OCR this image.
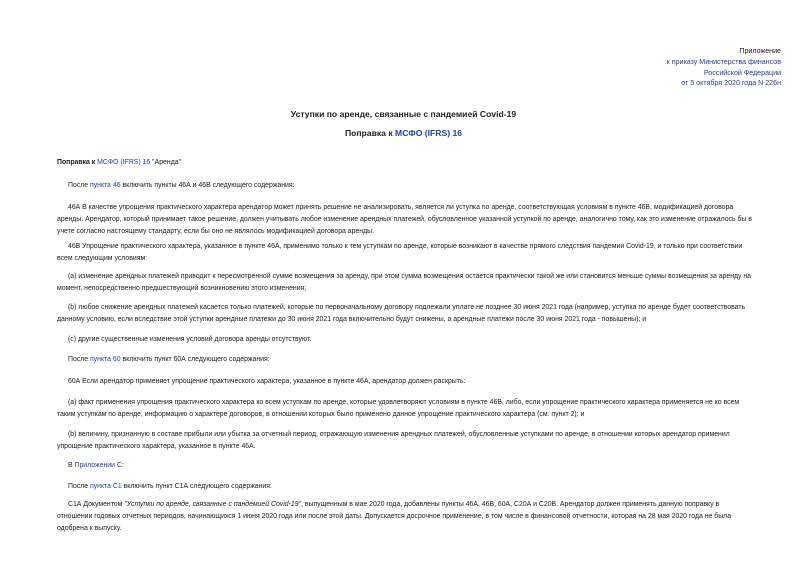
Приложение
к приказу Министерства финансов
Российской Федерации
от 5 октября 2020 года N 226н
Уступки по аренде, связанные с пандемией Covid-19
Поправка к МСФО (IFRS) 16
Поправка к МСФО (IFRS) 16 "Аренда"
После пункта 46 включить пункты 46А и 46В следующего содержания:
46А В качестве упрощения практического характера арендатор может принять решение не анализировать, является ли уступка по аренде, соответствующая условиям в пункте 46В, модификацией договора
аренды. Арендатор, который принимает такое решение, должен учитывать любое изменение арендных платежей, обусловленное указанной уступкой по аренде, аналогично тому, как это изменение отражалось бы в
учете согласно настоящему стандарту, если бы оно не являлось модификацией договора аренды.
46В Упрощение практического характера, указанное в пункте 46А, применимо только к тем уступкам по аренде, которые возникают в качестве прямого следствия пандемии Covid-19, и только при соответствии
всем следующим условиям:
(a) изменение арендных платежей приводит к пересмотренной сумме возмещения за аренду, при этом сумма возмещения остается практически такой же или становится меньше суммы возмещения за аренду на
момент, непосредственно предшествующий возникновению этого изменения;
(b) любое снижение арендных платежей касается только платежей, которые по первоначальному договору подлежали уплате не позднее 30 июня 2021 года (например, уступка по аренде будет соответствовать
данному условию, если вследствие этой уступки арендные платежи до 30 июня 2021 года включительно будут снижены, а арендные платежи после 30 июня 2021 года - повышены); и
(c) другие существенные изменения условий договора аренды отсутствуют.
После пункта 60 включить пункт 60А следующего содержания:
60А Если арендатор применяет упрощение практического характера, указанное в пункте 46А, арендатор должен раскрыть:
(a) факт применения упрощения практического характера ко всем уступкам по аренде, которые удовлетворяют условиям в пункте 46В, либо, если упрощение практического характера применяется не ко всем
таким уступкам по аренде, информацию о характере договоров, в отношении которых было применено данное упрощение практического характера (см. пункт 2); и
(b) величину, признанную в составе прибыли или убытка за отчетный период, отражающую изменения арендных платежей, обусловленные уступками по аренде, в отношении которых арендатор применил
упрощение практического характера, указанное в пункте 46А.
В Приложении С:
После пункта С1 включить пункт С1А следующего содержания:
С1А Документом "Уступки по аренде, связанные с пандемией Covid-19", выпущенным в мае 2020 года, добавлены пункты 46А, 46В, 60А, С20А и С20В. Арендатор должен применять данную поправку в
отношении годовых отчетных периодов, начинающихся 1 июня 2020 года или после этой даты. Допускается досрочное применение, в том числе в финансовой отчетности, которая на 28 мая 2020 года не была
одобрена к выпуску.
